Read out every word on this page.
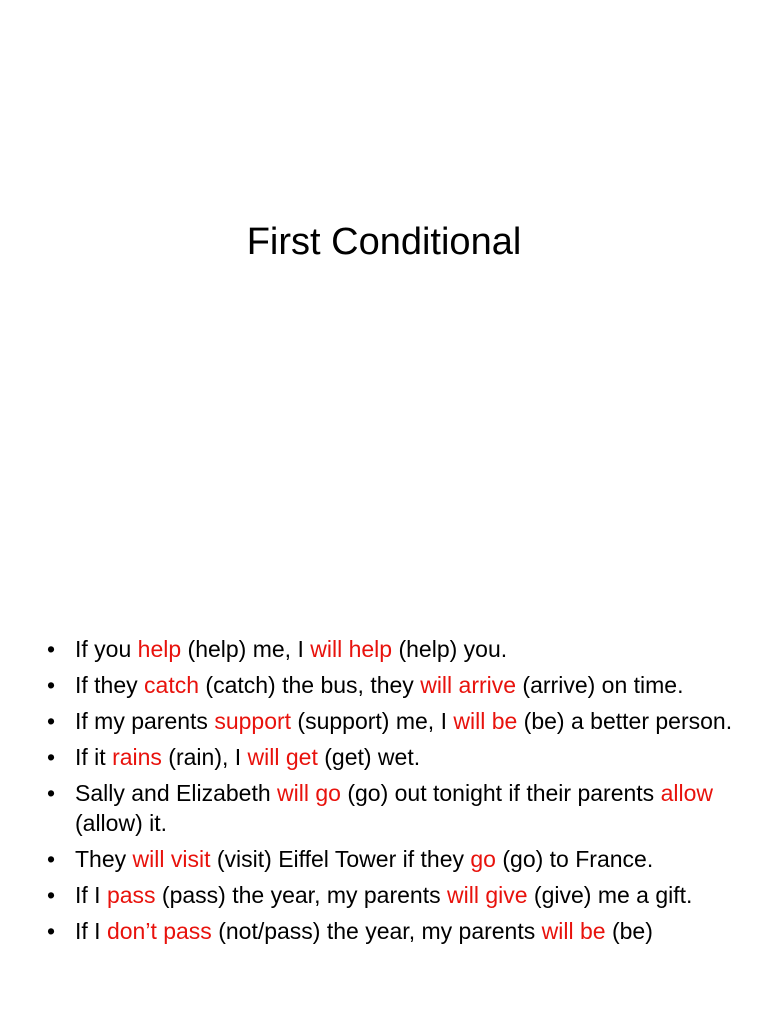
First Conditional
• If you help (help) me, I will help (help) you.
• If they catch (catch) the bus, they will arrive (arrive) on time.
• If my parents support (support) me, I will be (be) a better person.
• If it rains (rain), I will get (get) wet.
• Sally and Elizabeth will go (go) out tonight if their parents allow (allow) it.
• They will visit (visit) Eiffel Tower if they go (go) to France.
• If I pass (pass) the year, my parents will give (give) me a gift.
• If I don’t pass (not/pass) the year, my parents will be (be)
